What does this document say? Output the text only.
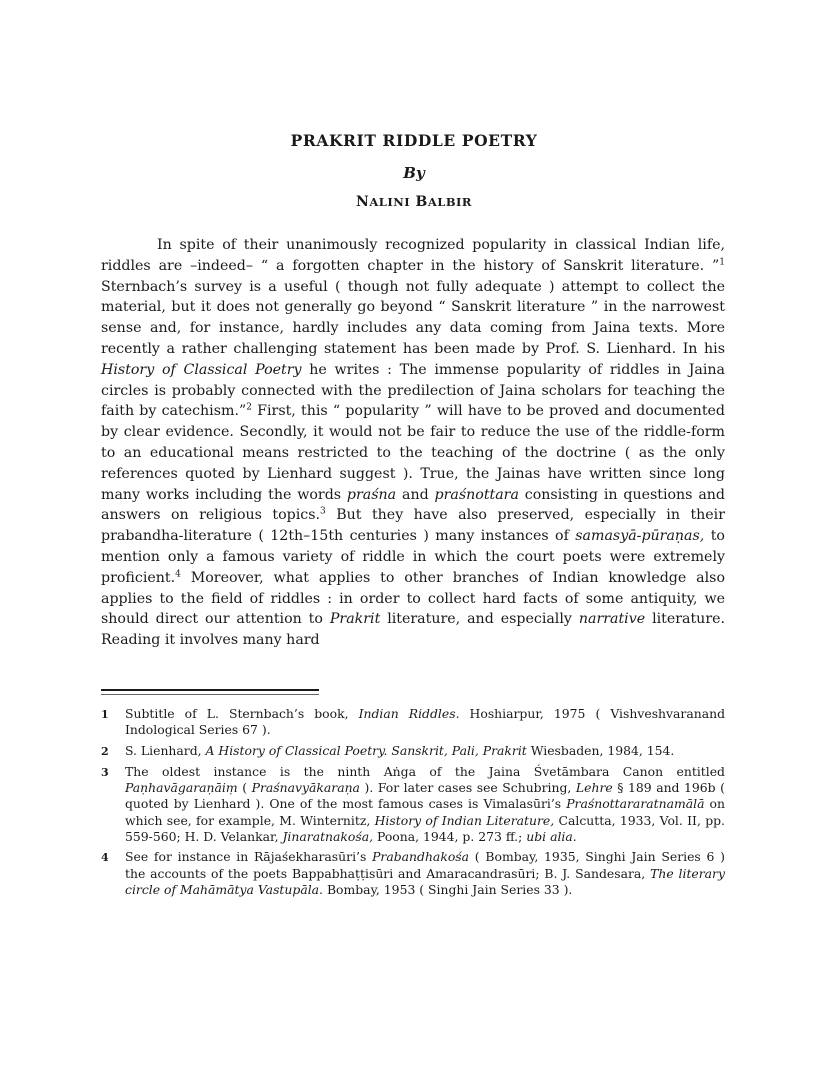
PRAKRIT RIDDLE POETRY
By
NALINI BALBIR

In spite of their unanimously recognized popularity in classical Indian life, riddles are –indeed– “ a forgotten chapter in the history of Sanskrit literature. ”$^1$ Sternbach’s survey is a useful ( though not fully adequate ) attempt to collect the material, but it does not generally go beyond “ Sanskrit literature ” in the narrowest sense and, for instance, hardly includes any data coming from Jaina texts. More recently a rather challenging statement has been made by Prof. S. Lienhard. In his History of Classical Poetry he writes : The immense popularity of riddles in Jaina circles is probably connected with the predilection of Jaina scholars for teaching the faith by catechism.”$^2$ First, this “ popularity ” will have to be proved and documented by clear evidence. Secondly, it would not be fair to reduce the use of the riddle-form to an educational means restricted to the teaching of the doctrine ( as the only references quoted by Lienhard suggest ). True, the Jainas have written since long many works including the words praśna and praśnottara consisting in questions and answers on religious topics.$^3$ But they have also preserved, especially in their prabandha-literature ( 12th–15th centuries ) many instances of samasyā-pūraṇas, to mention only a famous variety of riddle in which the court poets were extremely proficient.$^4$ Moreover, what applies to other branches of Indian knowledge also applies to the field of riddles : in order to collect hard facts of some antiquity, we should direct our attention to Prakrit literature, and especially narrative literature. Reading it involves many hard

1	Subtitle of L. Sternbach’s book, Indian Riddles. Hoshiarpur, 1975 ( Vishveshvaranand Indological Series 67 ).
2	S. Lienhard, A History of Classical Poetry. Sanskrit, Pali, Prakrit Wiesbaden, 1984, 154.
3	The oldest instance is the ninth Aṅga of the Jaina Śvetāmbara Canon entitled Paṇhavāgaraṇāiṃ ( Praśnavyākaraṇa ). For later cases see Schubring, Lehre § 189 and 196b ( quoted by Lienhard ). One of the most famous cases is Vimalasūri’s Praśnottararatnamālā on which see, for example, M. Winternitz, History of Indian Literature, Calcutta, 1933, Vol. II, pp. 559-560; H. D. Velankar, Jinaratnakośa, Poona, 1944, p. 273 ff.; ubi alia.
4	See for instance in Rājaśekharasūri’s Prabandhakośa ( Bombay, 1935, Singhi Jain Series 6 ) the accounts of the poets Bappabhaṭṭisūri and Amaracandrasūri; B. J. Sandesara, The literary circle of Mahāmātya Vastupāla. Bombay, 1953 ( Singhi Jain Series 33 ).
